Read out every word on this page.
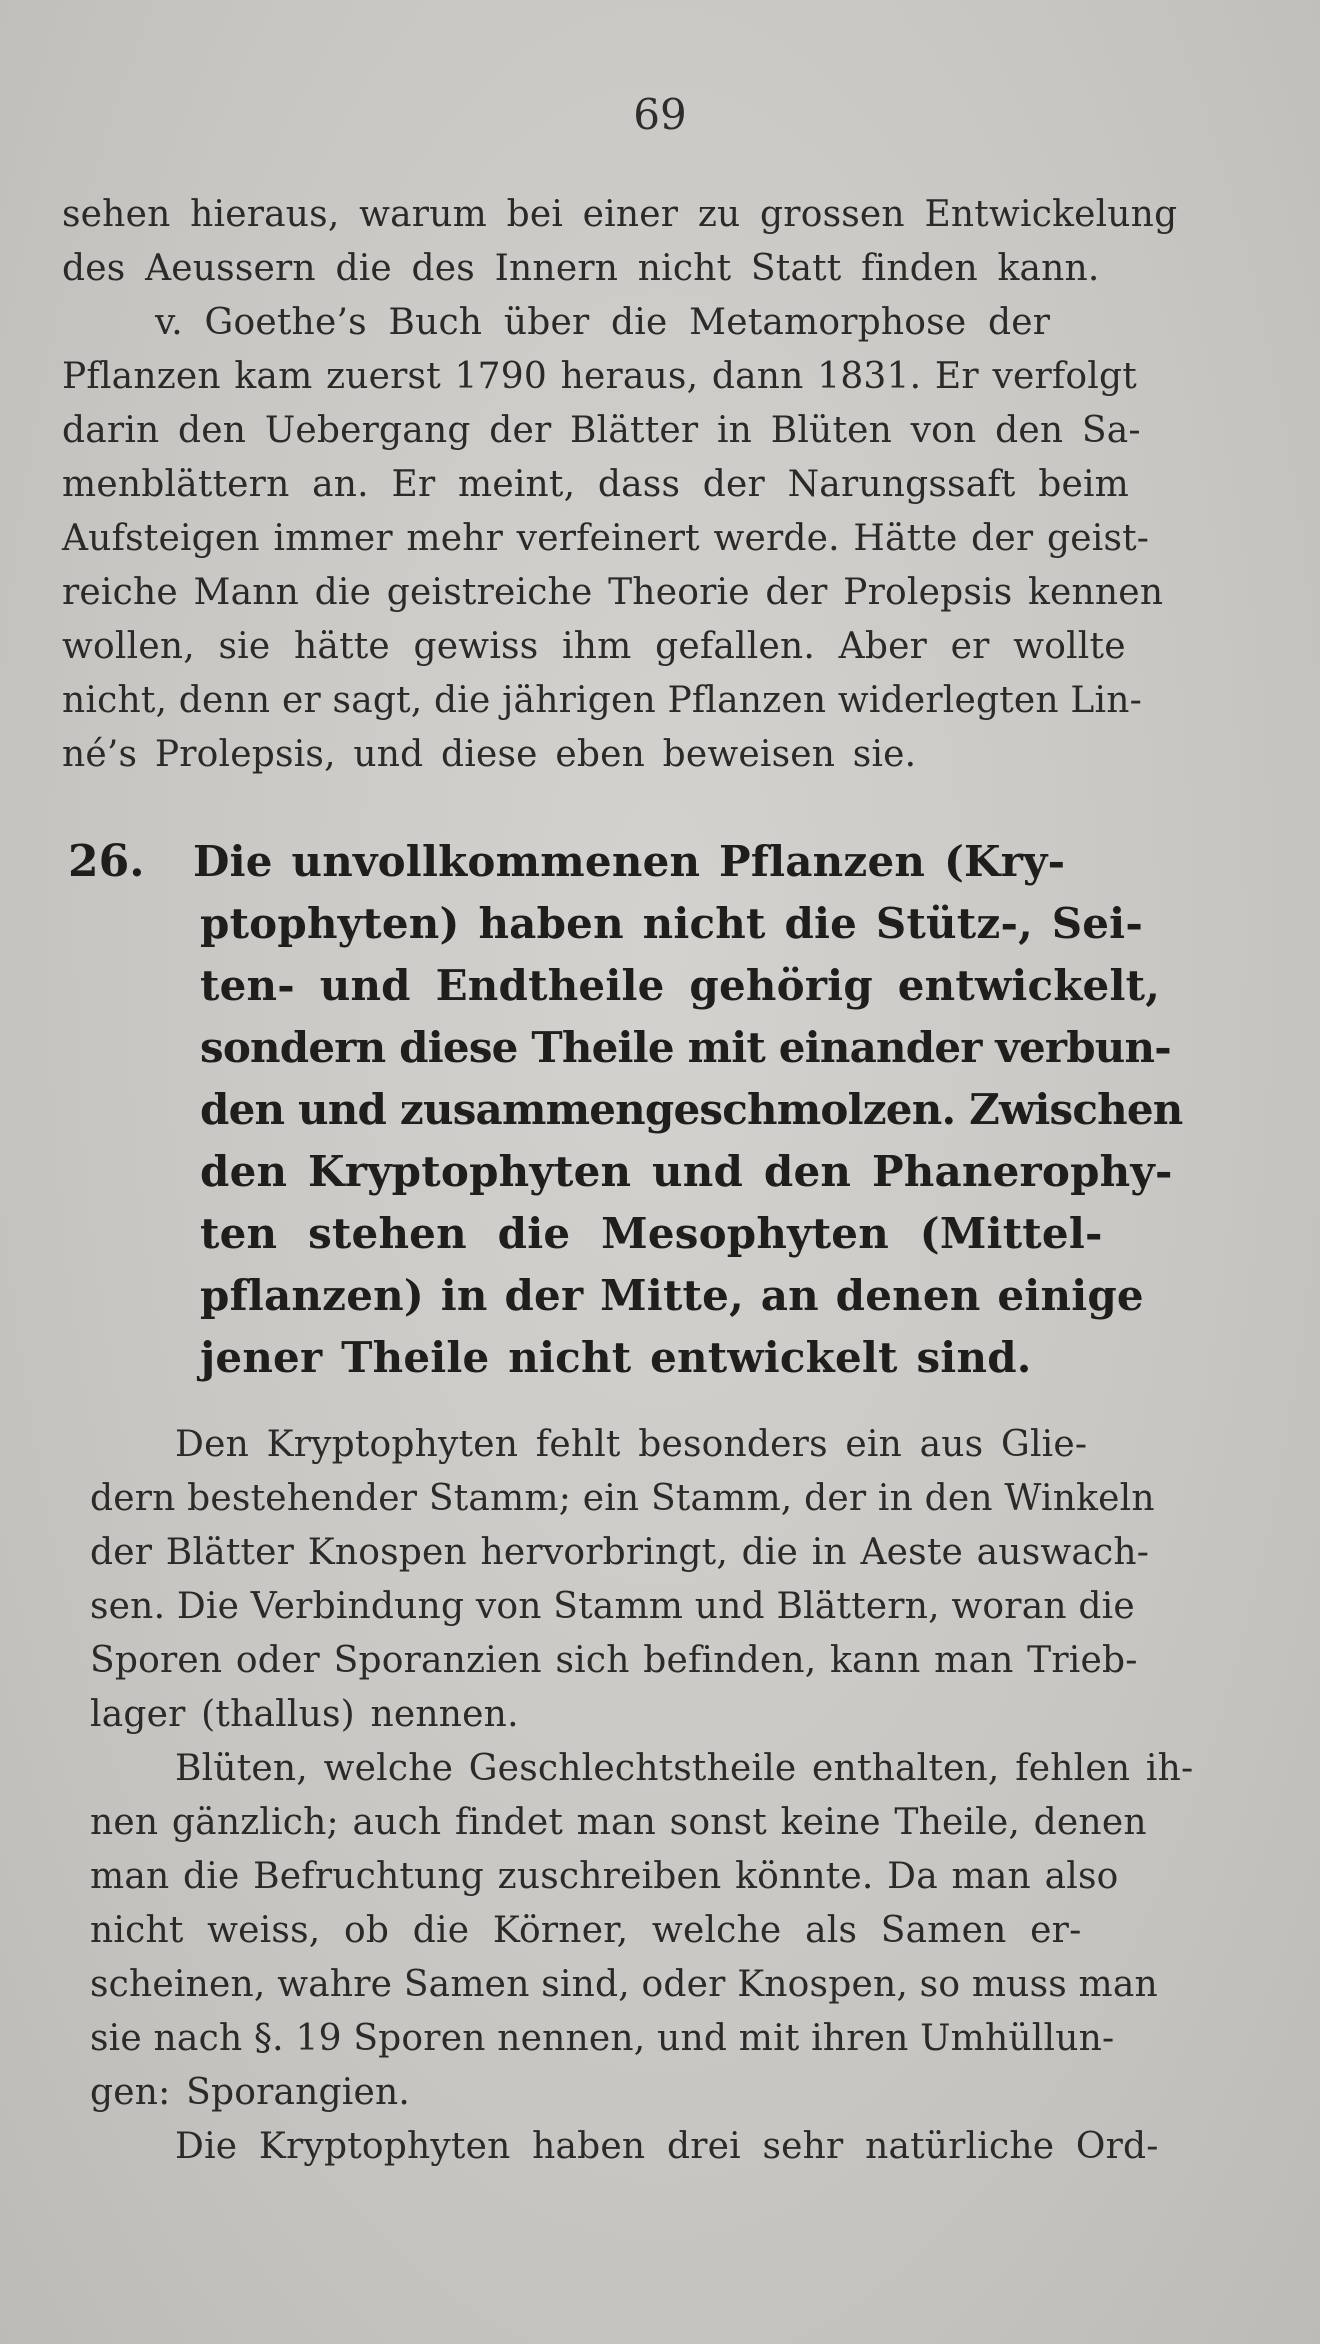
69
sehen hieraus, warum bei einer zu grossen Entwickelung
des Aeussern die des Innern nicht Statt finden kann.
v. Goethe’s Buch über die Metamorphose der
Pflanzen kam zuerst 1790 heraus, dann 1831. Er verfolgt
darin den Uebergang der Blätter in Blüten von den Sa-
menblättern an. Er meint, dass der Narungssaft beim
Aufsteigen immer mehr verfeinert werde. Hätte der geist-
reiche Mann die geistreiche Theorie der Prolepsis kennen
wollen, sie hätte gewiss ihm gefallen. Aber er wollte
nicht, denn er sagt, die jährigen Pflanzen widerlegten Lin-
né’s Prolepsis, und diese eben beweisen sie.
26. Die unvollkommenen Pflanzen (Kry-
ptophyten) haben nicht die Stütz-, Sei-
ten- und Endtheile gehörig entwickelt,
sondern diese Theile mit einander verbun-
den und zusammengeschmolzen. Zwischen
den Kryptophyten und den Phanerophy-
ten stehen die Mesophyten (Mittel-
pflanzen) in der Mitte, an denen einige
jener Theile nicht entwickelt sind.
Den Kryptophyten fehlt besonders ein aus Glie-
dern bestehender Stamm; ein Stamm, der in den Winkeln
der Blätter Knospen hervorbringt, die in Aeste auswach-
sen. Die Verbindung von Stamm und Blättern, woran die
Sporen oder Sporanzien sich befinden, kann man Trieb-
lager (thallus) nennen.
Blüten, welche Geschlechtstheile enthalten, fehlen ih-
nen gänzlich; auch findet man sonst keine Theile, denen
man die Befruchtung zuschreiben könnte. Da man also
nicht weiss, ob die Körner, welche als Samen er-
scheinen, wahre Samen sind, oder Knospen, so muss man
sie nach §. 19 Sporen nennen, und mit ihren Umhüllun-
gen: Sporangien.
Die Kryptophyten haben drei sehr natürliche Ord-
